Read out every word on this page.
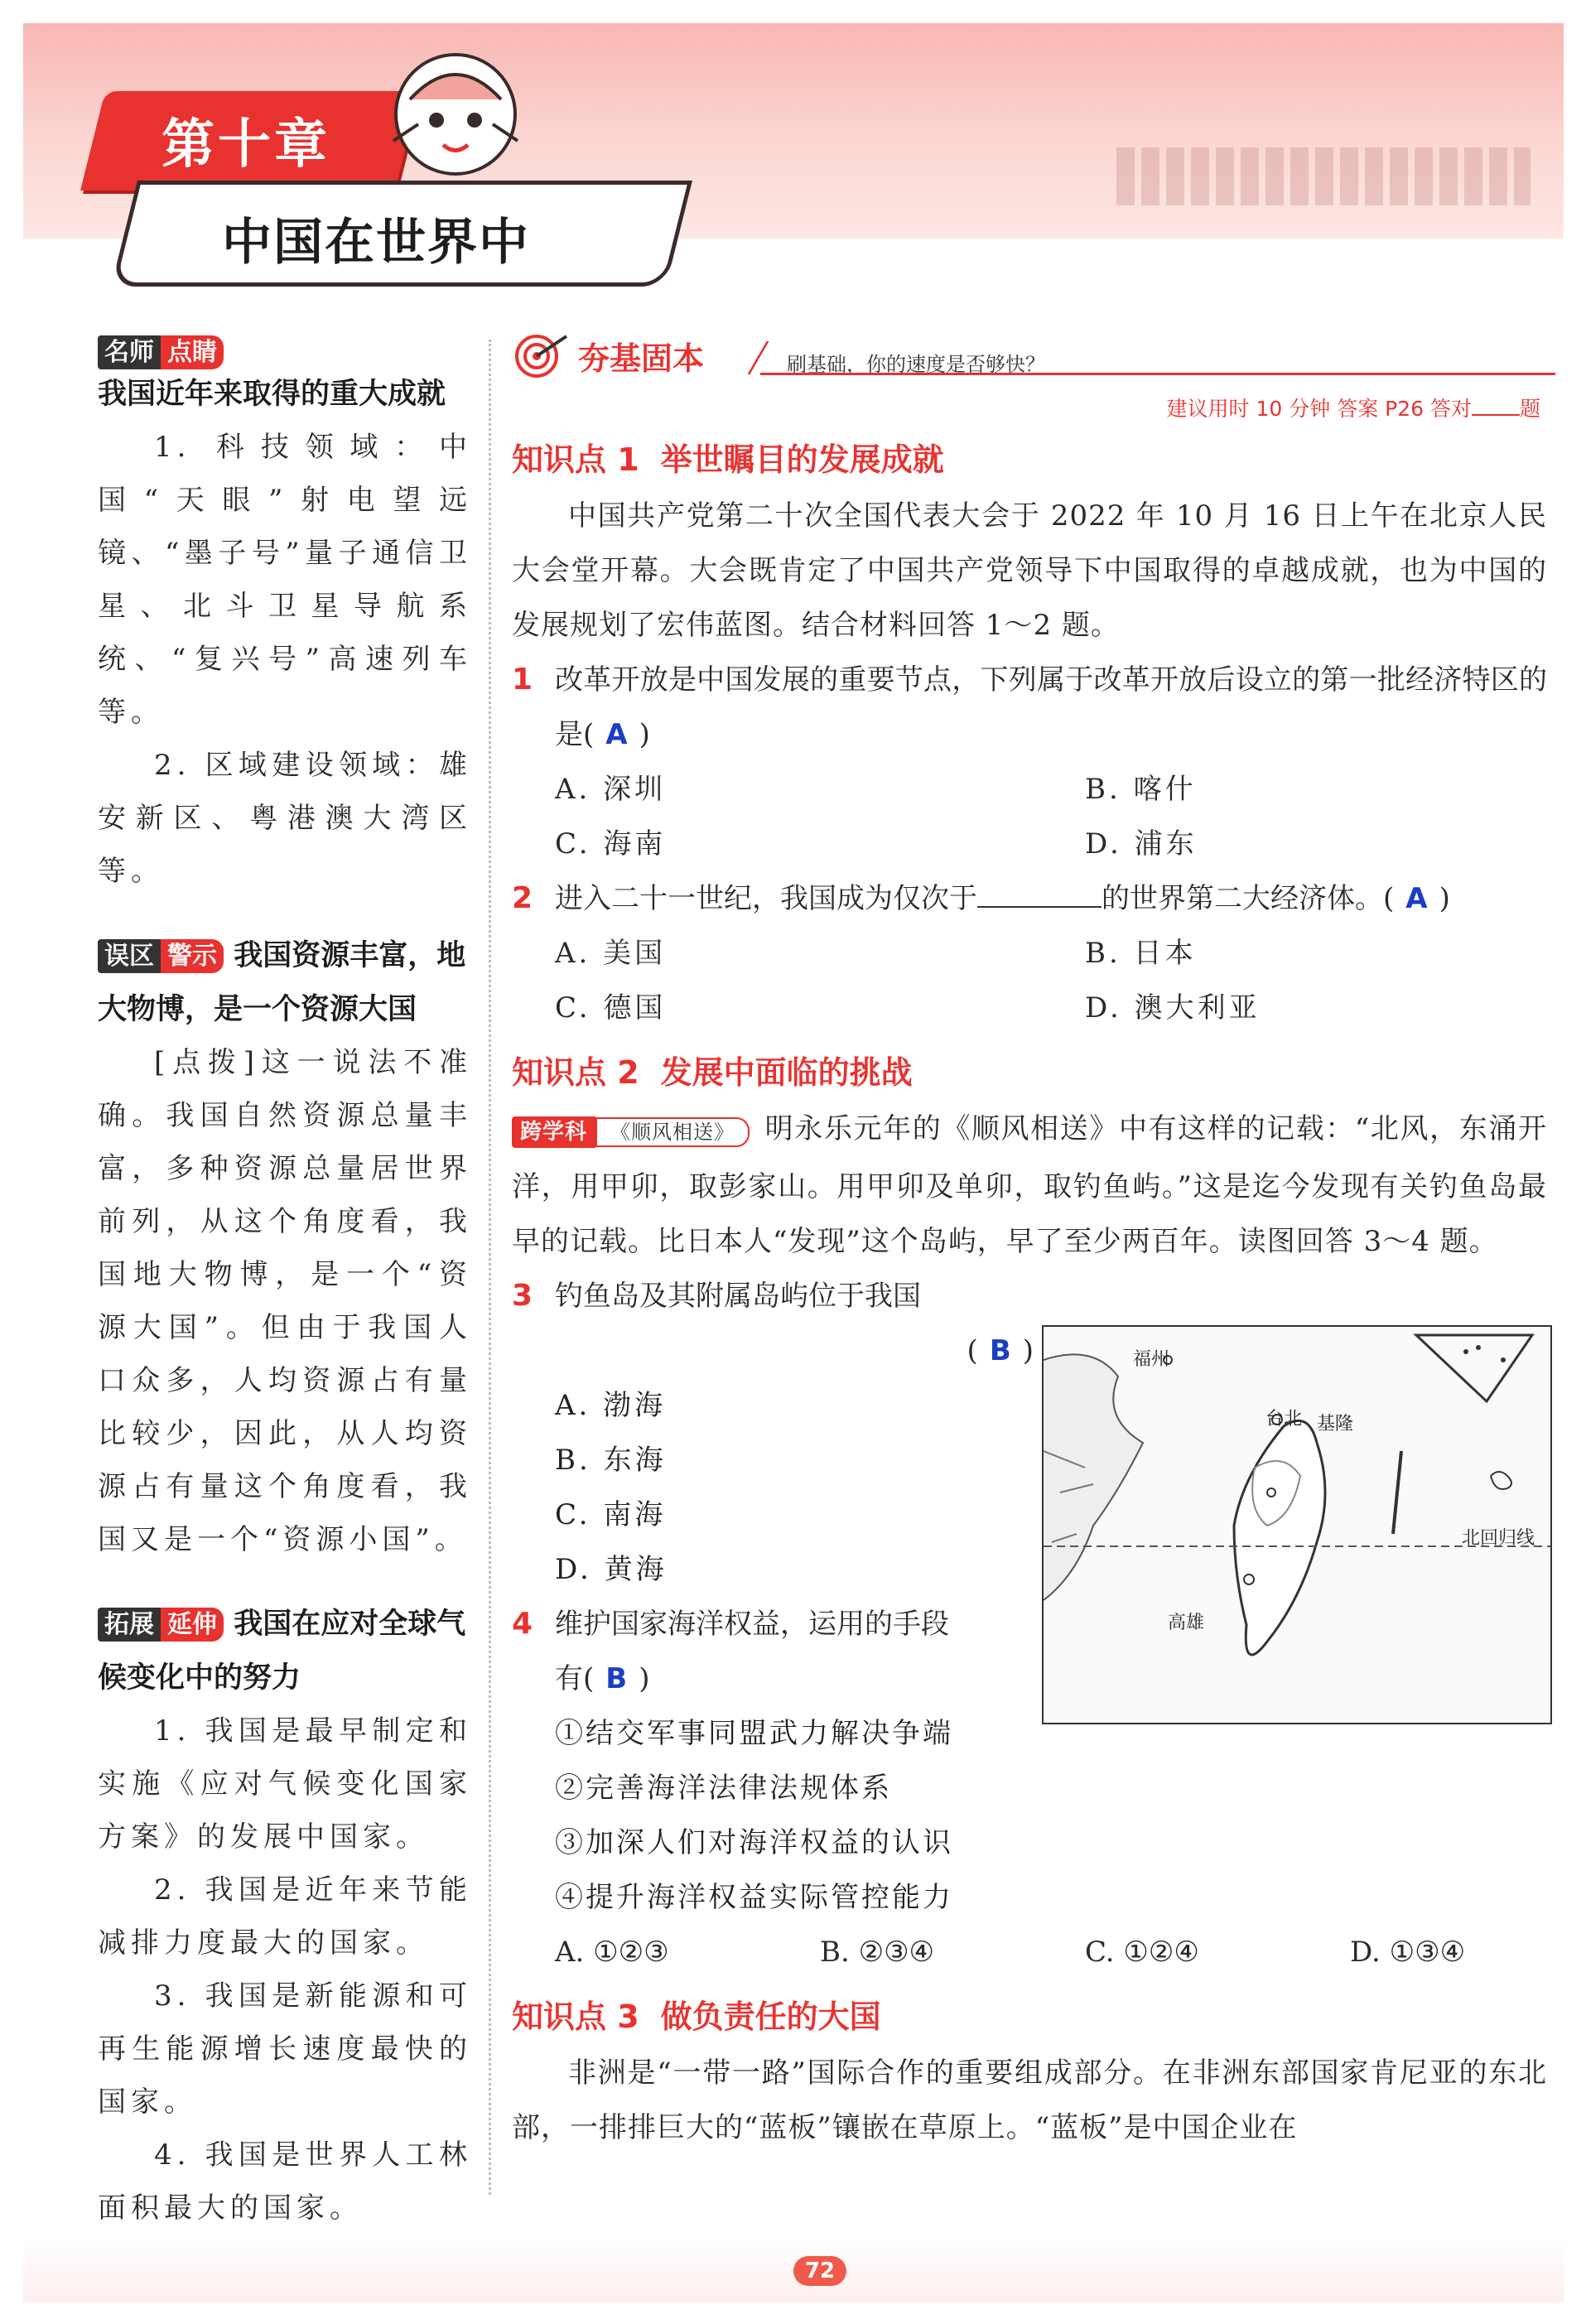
第十章
中国在世界中
名师 点睛
我国近年来取得的重大成就

1. 科技领域：中国“天眼”射电望远镜、“墨子号”量子通信卫星、北斗卫星导航系统、“复兴号”高速列车等。

2. 区域建设领域：雄安新区、粤港澳大湾区等。

误区 警示 我国资源丰富，地大物博，是一个资源大国

[点拨]这一说法不准确。我国自然资源总量丰富，多种资源总量居世界前列，从这个角度看，我国地大物博，是一个“资源大国”。但由于我国人口众多，人均资源占有量比较少，因此，从人均资源占有量这个角度看，我国又是一个“资源小国”。

拓展 延伸 我国在应对全球气候变化中的努力

1. 我国是最早制定和实施《应对气候变化国家方案》的发展中国家。

2. 我国是近年来节能减排力度最大的国家。

3. 我国是新能源和可再生能源增长速度最快的国家。

4. 我国是世界人工林面积最大的国家。

夯基固本	刷基础，你的速度是否够快？
建议用时 10 分钟 答案 P26 答对 题
知识点 1 举世瞩目的发展成就

中国共产党第二十次全国代表大会于 2022 年 10 月 16 日上午在北京人民大会堂开幕。大会既肯定了中国共产党领导下中国取得的卓越成就，也为中国的发展规划了宏伟蓝图。结合材料回答 1～2 题。

1 改革开放是中国发展的重要节点，下列属于改革开放后设立的第一批经济特区的是( A )

A. 深圳	B. 喀什
C. 海南	D. 浦东

2 进入二十一世纪，我国成为仅次于	的世界第二大经济体。( A )

A. 美国	B. 日本
C. 德国	D. 澳大利亚
知识点 2 发展中面临的挑战

跨学科 《顺风相送》 明永乐元年的《顺风相送》中有这样的记载：“北风，东涌开洋，用甲卯，取彭家山。用甲卯及单卯，取钓鱼屿。”这是迄今发现有关钓鱼岛最早的记载。比日本人“发现”这个岛屿，早了至少两百年。读图回答 3～4 题。

3 钓鱼岛及其附属岛屿位于我国

( B )

A. 渤海
B. 东海
C. 南海
D. 黄海

4 维护国家海洋权益，运用的手段
有( B )

①结交军事同盟武力解决争端
②完善海洋法律法规体系
③加深人们对海洋权益的认识
④提升海洋权益实际管控能力
A. ①②③	B. ②③④	C. ①②④	D. ①③④
知识点 3 做负责任的大国

非洲是“一带一路”国际合作的重要组成部分。在非洲东部国家肯尼亚的东北部，一排排巨大的“蓝板”镶嵌在草原上。“蓝板”是中国企业在

福州
台北 基隆
高雄
北回归线
72
